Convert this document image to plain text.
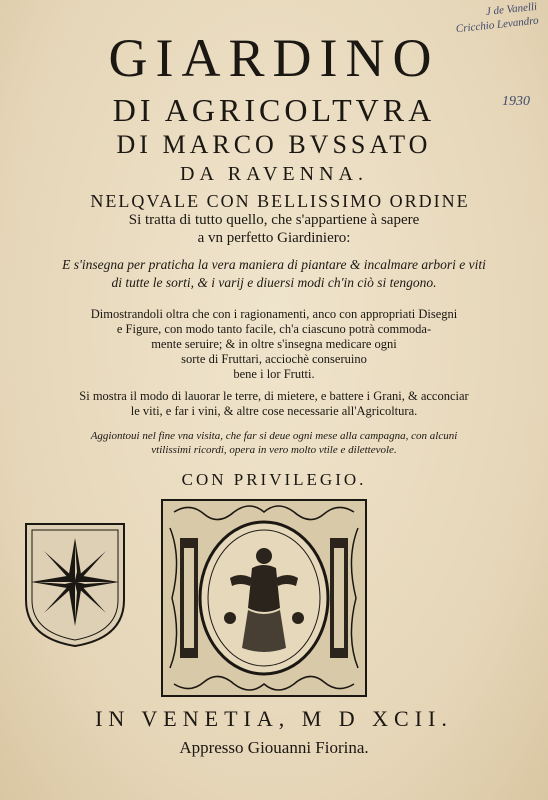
J de Vanelli
Cricchio Levandro
1930
GIARDINO
DI AGRICOLTVRA
DI MARCO BVSSATO
DA RAVENNA.
NELQVALE CON BELLISSIMO ORDINE
Si tratta di tutto quello, che s'appartiene à sapere
a vn perfetto Giardiniero:
E s'insegna per praticha la vera maniera di piantare & incalmare arbori e viti
di tutte le sorti, & i varij e diuersi modi ch'in ciò si tengono.
Dimostrandoli oltra che con i ragionamenti, anco con appropriati Disegni
e Figure, con modo tanto facile, ch'a ciascuno potrà commoda-
mente seruire; & in oltre s'insegna medicare ogni
sorte di Fruttari, acciochè conseruino
bene i lor Frutti.
Si mostra il modo di lauorar le terre, di mietere, e battere i Grani, & acconciar
le viti, e far i vini, & altre cose necessarie all'Agricoltura.
Aggiontoui nel fine vna visita, che far si deue ogni mese alla campagna, con alcuni
vtilissimi ricordi, opera in vero molto vtile e dilettevole.
CON PRIVILEGIO.
IN VENETIA, M D XCII.
Appresso Giouanni Fiorina.
